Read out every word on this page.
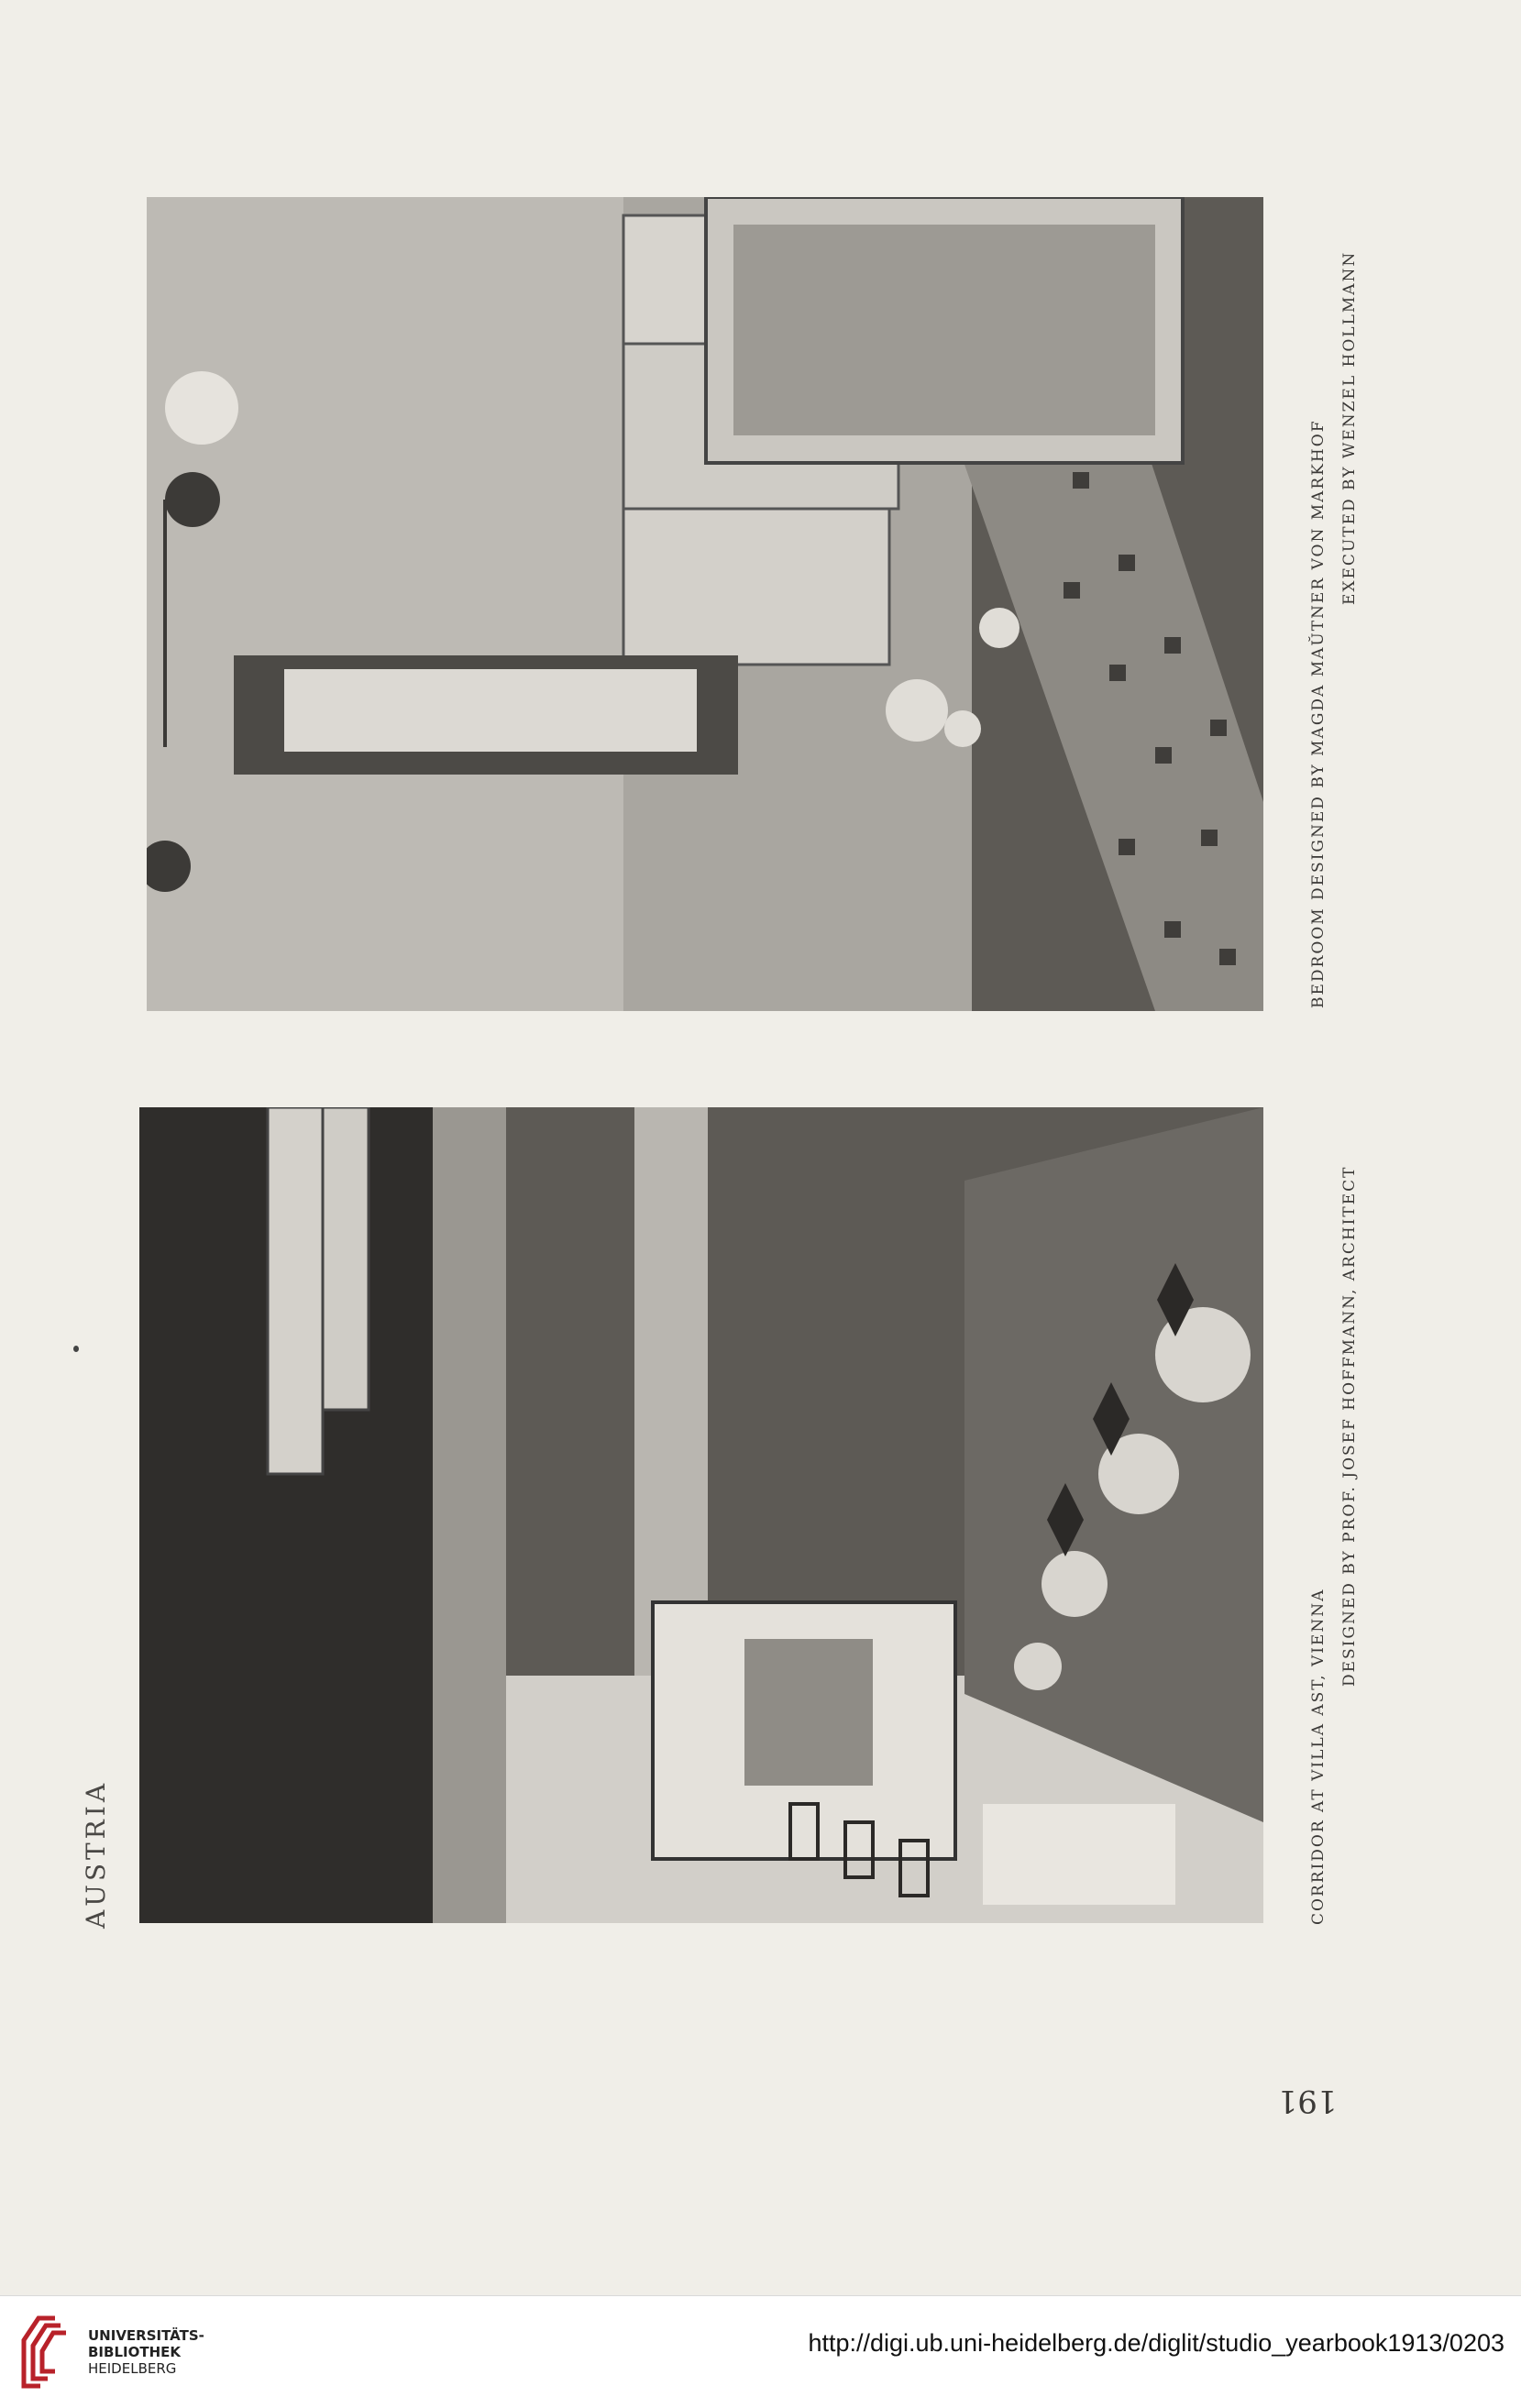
BEDROOM DESIGNED BY MAGDA MAŬTNER VON MARKHOF EXECUTED BY WENZEL HOLLMANN
CORRIDOR AT VILLA AST, VIENNA
DESIGNED BY PROF. JOSEF HOFFMANN, ARCHITECT
AUSTRIA
191
UNIVERSITÄTS-
BIBLIOTHEK
HEIDELBERG
http://digi.ub.uni-heidelberg.de/diglit/studio_yearbook1913/0203
